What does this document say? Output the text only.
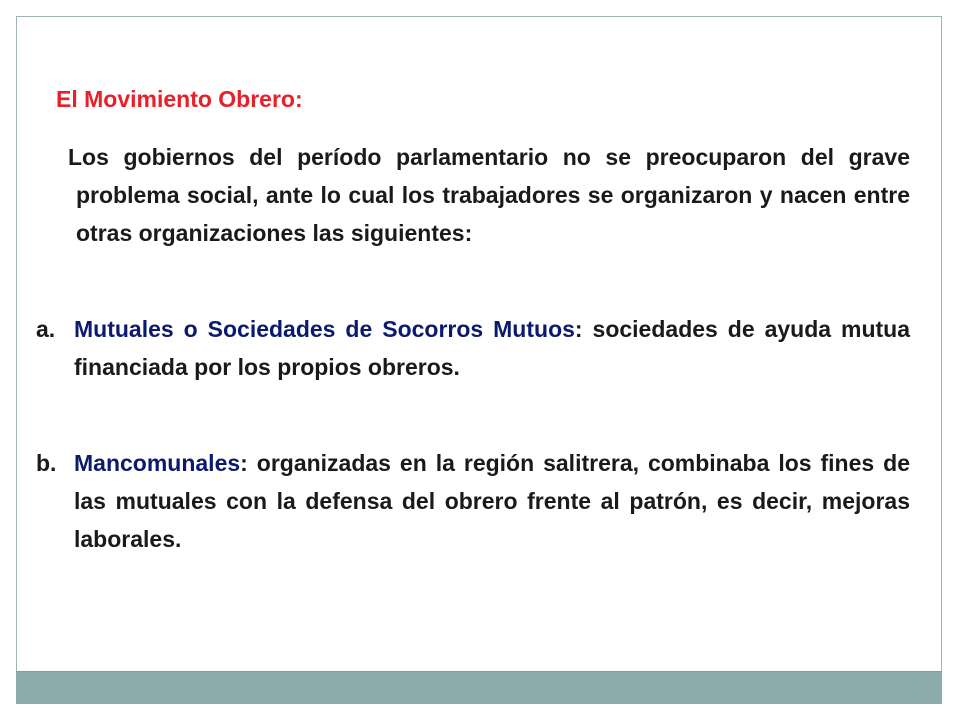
El Movimiento Obrero:

Los gobiernos del período parlamentario no se preocuparon del grave problema social, ante lo cual los trabajadores se organizaron y nacen entre otras organizaciones las siguientes:

a. Mutuales o Sociedades de Socorros Mutuos: sociedades de ayuda mutua financiada por los propios obreros.
b. Mancomunales: organizadas en la región salitrera, combinaba los fines de las mutuales con la defensa del obrero frente al patrón, es decir, mejoras laborales.
